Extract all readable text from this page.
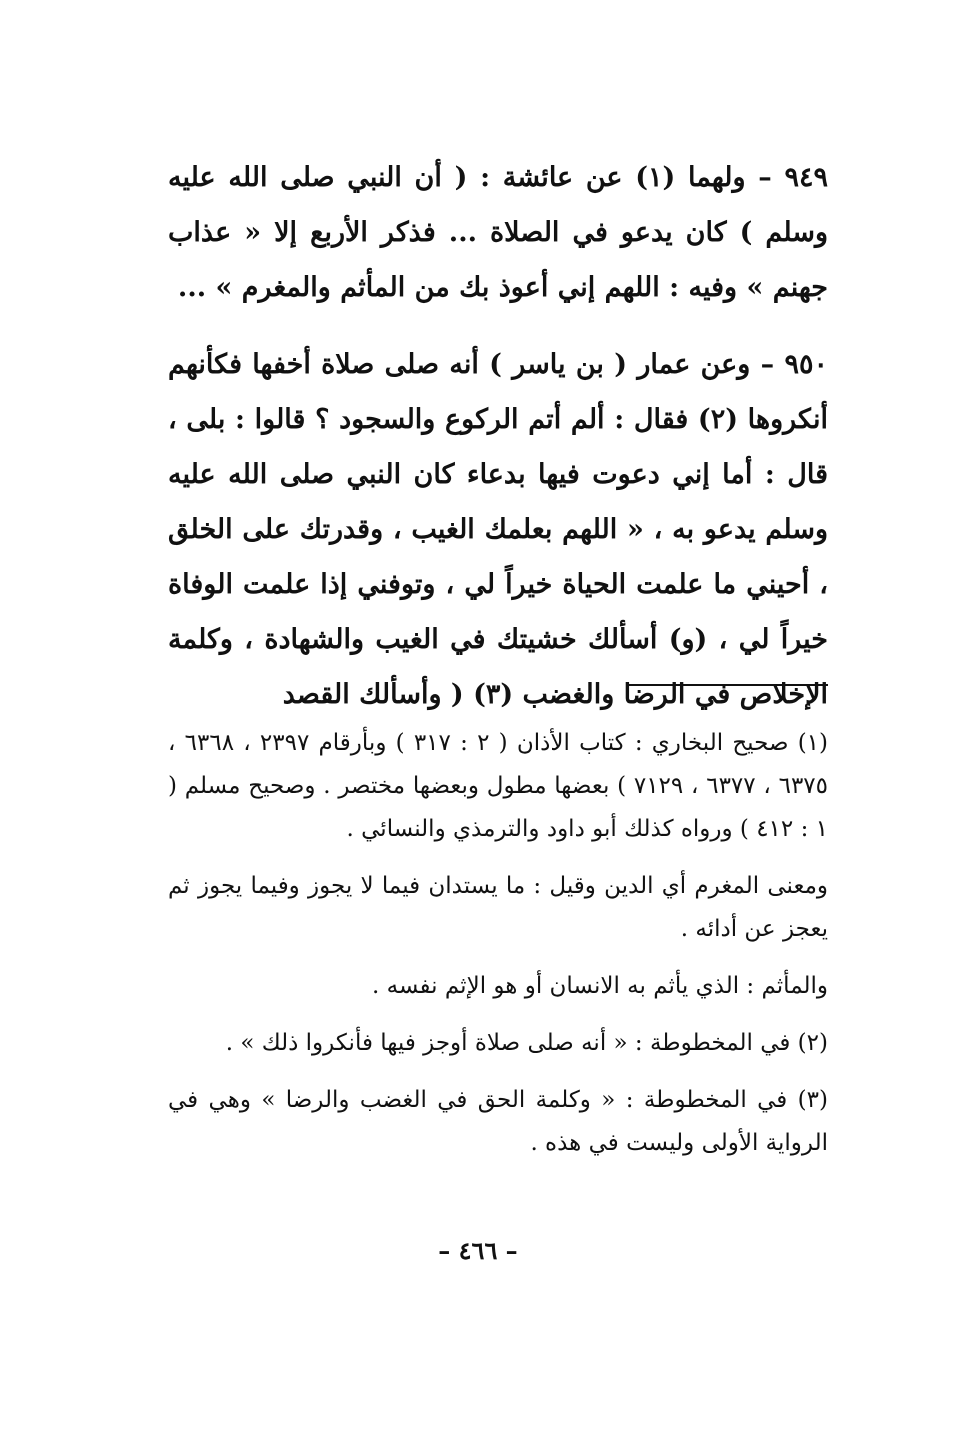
٩٤٩ – ولهما (١) عن عائشة : ( أن النبي صلى الله عليه وسلم ) كان يدعو في الصلاة ... فذكر الأربع إلا « عذاب جهنم » وفيه : اللهم إني أعوذ بك من المأثم والمغرم » ...

٩٥٠ – وعن عمار ( بن ياسر ) أنه صلى صلاة أخفها فكأنهم أنكروها (٢) فقال : ألم أتم الركوع والسجود ؟ قالوا : بلى ، قال : أما إني دعوت فيها بدعاء كان النبي صلى الله عليه وسلم يدعو به ، « اللهم بعلمك الغيب ، وقدرتك على الخلق ، أحيني ما علمت الحياة خيراً لي ، وتوفني إذا علمت الوفاة خيراً لي ، (و) أسألك خشيتك في الغيب والشهادة ، وكلمة الإخلاص في الرضا والغضب (٣) ( وأسألك القصد

(١) صحيح البخاري : كتاب الأذان ( ٢ : ٣١٧ ) وبأرقام ٢٣٩٧ ، ٦٣٦٨ ، ٦٣٧٥ ، ٦٣٧٧ ، ٧١٢٩ ) بعضها مطول وبعضها مختصر . وصحيح مسلم ( ١ : ٤١٢ ) ورواه كذلك أبو داود والترمذي والنسائي .

ومعنى المغرم أي الدين وقيل : ما يستدان فيما لا يجوز وفيما يجوز ثم يعجز عن أدائه .

والمأثم : الذي يأثم به الانسان أو هو الإثم نفسه .

(٢) في المخطوطة : « أنه صلى صلاة أوجز فيها فأنكروا ذلك » .

(٣) في المخطوطة : « وكلمة الحق في الغضب والرضا » وهي في الرواية الأولى وليست في هذه .

– ٤٦٦ –
